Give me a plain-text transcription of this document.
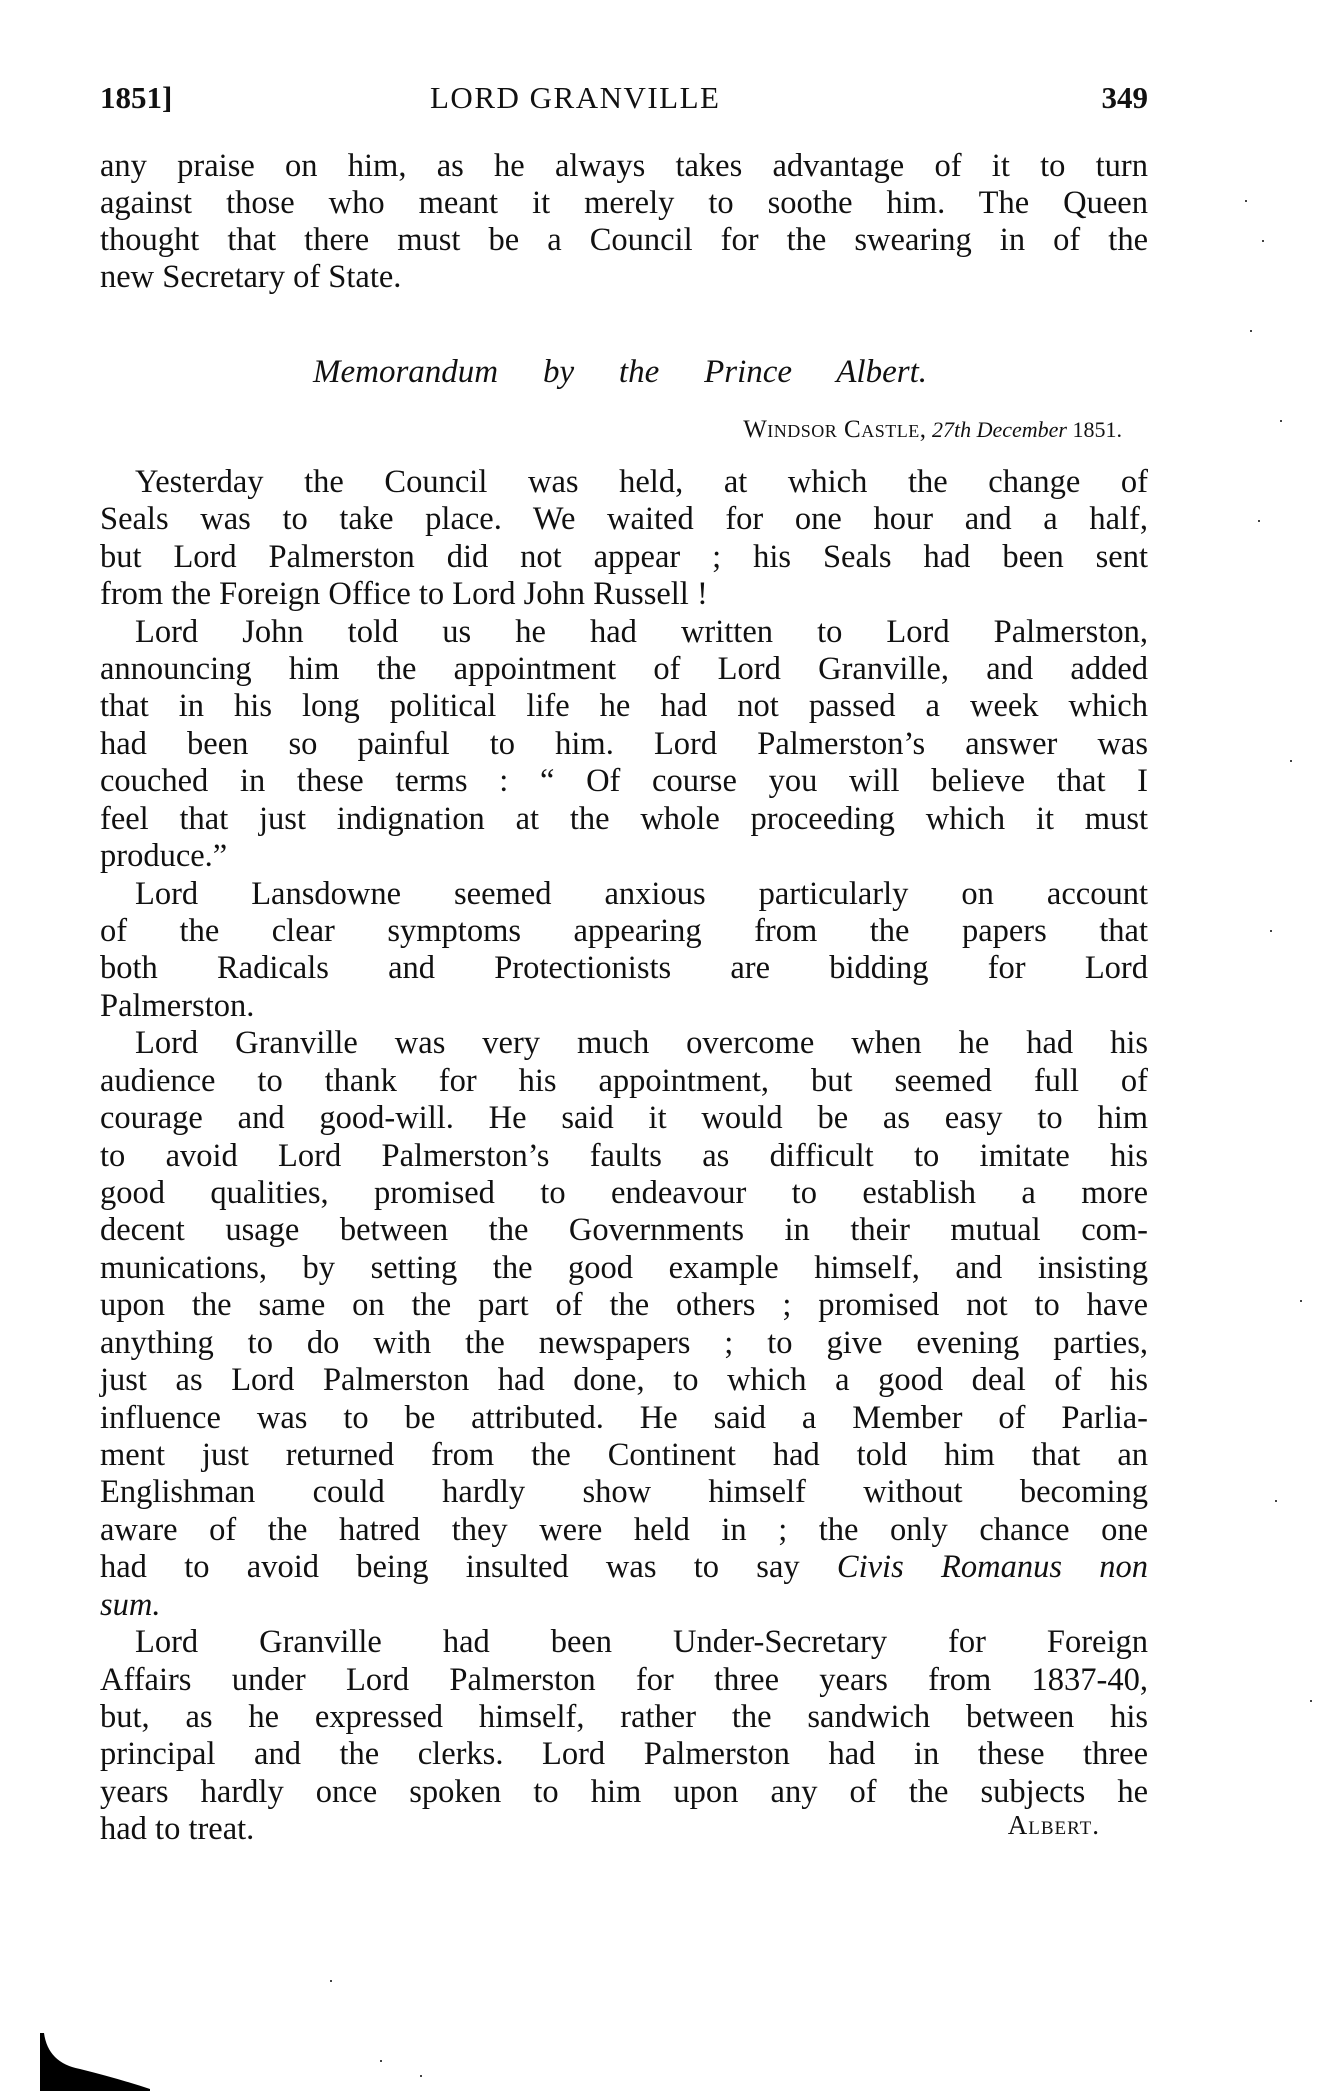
1851]	LORD GRANVILLE	349
any praise on him, as he always takes advantage of it to turn
against those who meant it merely to soothe him. The Queen
thought that there must be a Council for the swearing in of the
new Secretary of State.
Memorandum by the Prince Albert.
Windsor Castle, 27th December 1851.
Yesterday the Council was held, at which the change of
Seals was to take place. We waited for one hour and a half,
but Lord Palmerston did not appear ; his Seals had been sent
from the Foreign Office to Lord John Russell !
Lord John told us he had written to Lord Palmerston,
announcing him the appointment of Lord Granville, and added
that in his long political life he had not passed a week which
had been so painful to him. Lord Palmerston’s answer was
couched in these terms : “ Of course you will believe that I
feel that just indignation at the whole proceeding which it must
produce.”
Lord Lansdowne seemed anxious particularly on account
of the clear symptoms appearing from the papers that
both Radicals and Protectionists are bidding for Lord
Palmerston.
Lord Granville was very much overcome when he had his
audience to thank for his appointment, but seemed full of
courage and good-will. He said it would be as easy to him
to avoid Lord Palmerston’s faults as difficult to imitate his
good qualities, promised to endeavour to establish a more
decent usage between the Governments in their mutual com-
munications, by setting the good example himself, and insisting
upon the same on the part of the others ; promised not to have
anything to do with the newspapers ; to give evening parties,
just as Lord Palmerston had done, to which a good deal of his
influence was to be attributed. He said a Member of Parlia-
ment just returned from the Continent had told him that an
Englishman could hardly show himself without becoming
aware of the hatred they were held in ; the only chance one
had to avoid being insulted was to say Civis Romanus non
sum.
Lord Granville had been Under-Secretary for Foreign
Affairs under Lord Palmerston for three years from 1837-40,
but, as he expressed himself, rather the sandwich between his
principal and the clerks. Lord Palmerston had in these three
years hardly once spoken to him upon any of the subjects he
had to treat.	Albert.
